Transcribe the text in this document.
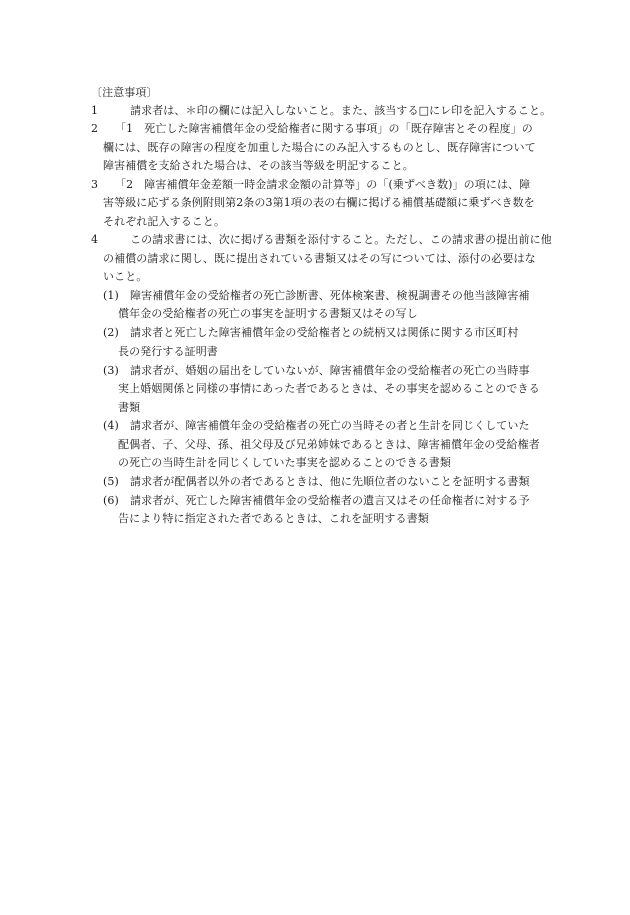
〔注意事項〕
1	請求者は、＊印の欄には記入しないこと。また、該当する□にレ印を記入すること。
2 「1　死亡した障害補償年金の受給権者に関する事項」の「既存障害とその程度」の
欄には、既存の障害の程度を加重した場合にのみ記入するものとし、既存障害について
障害補償を支給された場合は、その該当等級を明記すること。
3 「2　障害補償年金差額一時金請求金額の計算等」の「(乗ずべき数)」の項には、障
害等級に応ずる条例附則第2条の3第1項の表の右欄に掲げる補償基礎額に乗ずべき数を
それぞれ記入すること。
4	この請求書には、次に掲げる書類を添付すること。ただし、この請求書の提出前に他
の補償の請求に関し、既に提出されている書類又はその写については、添付の必要はな
いこと。
(1) 障害補償年金の受給権者の死亡診断書、死体検案書、検視調書その他当該障害補
償年金の受給権者の死亡の事実を証明する書類又はその写し
(2) 請求者と死亡した障害補償年金の受給権者との続柄又は関係に関する市区町村
長の発行する証明書
(3) 請求者が、婚姻の届出をしていないが、障害補償年金の受給権者の死亡の当時事
実上婚姻関係と同様の事情にあった者であるときは、その事実を認めることのできる
書類
(4) 請求者が、障害補償年金の受給権者の死亡の当時その者と生計を同じくしていた
配偶者、子、父母、孫、祖父母及び兄弟姉妹であるときは、障害補償年金の受給権者
の死亡の当時生計を同じくしていた事実を認めることのできる書類
(5) 請求者が配偶者以外の者であるときは、他に先順位者のないことを証明する書類
(6) 請求者が、死亡した障害補償年金の受給権者の遺言又はその任命権者に対する予
告により特に指定された者であるときは、これを証明する書類
